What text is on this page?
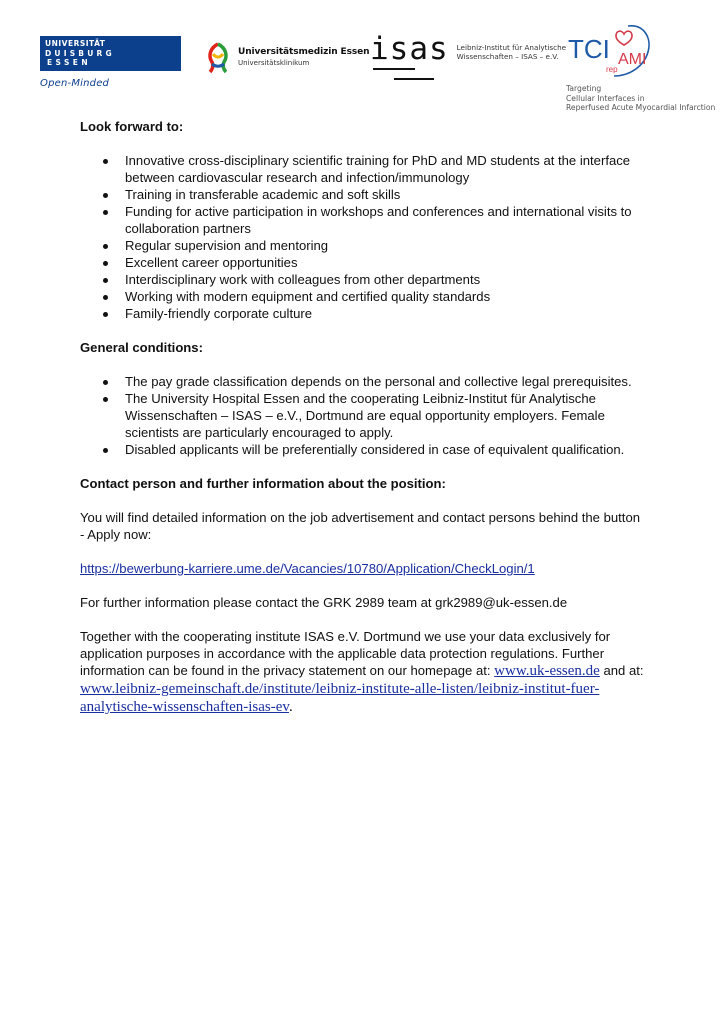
UNIVERSITÄT
DUISBURG
ESSEN
Open-Minded
Universitätsmedizin Essen
Universitätsklinikum	isas Leibniz-Institut für Analytische
Wissenschaften – ISAS – e.V. TCI
rep
AMI
Targeting
Cellular Interfaces in
Reperfused Acute Myocardial Infarction

Look forward to:

Innovative cross-disciplinary scientific training for PhD and MD students at the interface between cardiovascular research and infection/immunology
Training in transferable academic and soft skills
Funding for active participation in workshops and conferences and international visits to collaboration partners
Regular supervision and mentoring
Excellent career opportunities
Interdisciplinary work with colleagues from other departments
Working with modern equipment and certified quality standards
Family-friendly corporate culture

General conditions:

The pay grade classification depends on the personal and collective legal prerequisites.
The University Hospital Essen and the cooperating Leibniz-Institut für Analytische Wissenschaften – ISAS – e.V., Dortmund are equal opportunity employers. Female scientists are particularly encouraged to apply.
Disabled applicants will be preferentially considered in case of equivalent qualification.

Contact person and further information about the position:

You will find detailed information on the job advertisement and contact persons behind the button - Apply now:

https://bewerbung-karriere.ume.de/Vacancies/10780/Application/CheckLogin/1

For further information please contact the GRK 2989 team at grk2989@uk-essen.de

Together with the cooperating institute ISAS e.V. Dortmund we use your data exclusively for application purposes in accordance with the applicable data protection regulations. Further information can be found in the privacy statement on our homepage at: www.uk-essen.de and at: www.leibniz-gemeinschaft.de/institute/leibniz-institute-alle-listen/leibniz-institut-fuer-analytische-wissenschaften-isas-ev.
